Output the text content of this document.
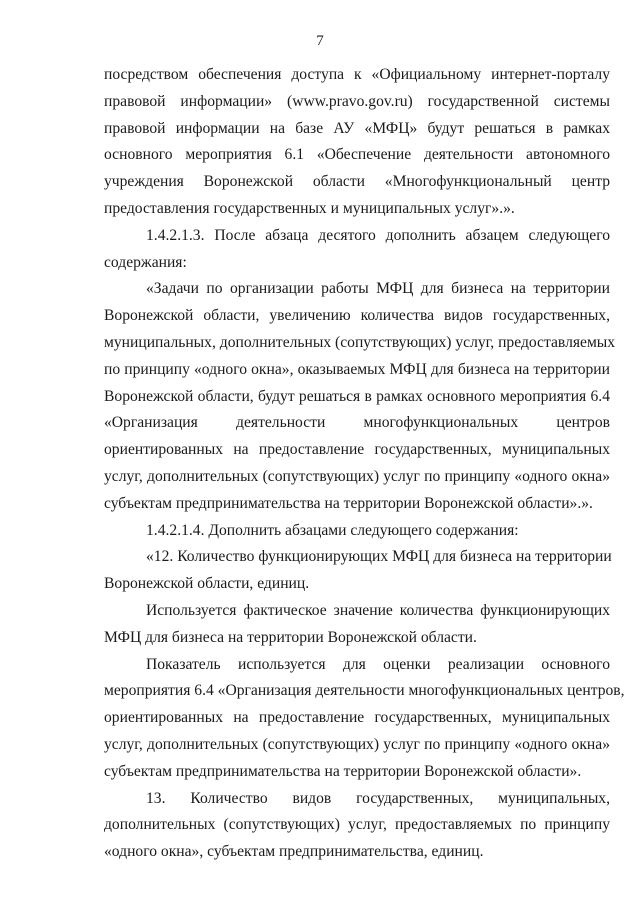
7

посредством обеспечения доступа к «Официальному интернет-порталу
правовой информации» (www.pravo.gov.ru) государственной системы
правовой информации на базе АУ «МФЦ» будут решаться в рамках
основного мероприятия 6.1 «Обеспечение деятельности автономного
учреждения Воронежской области «Многофункциональный центр
предоставления государственных и муниципальных услуг».».

1.4.2.1.3. После абзаца десятого дополнить абзацем следующего
содержания:

«Задачи по организации работы МФЦ для бизнеса на территории
Воронежской области, увеличению количества видов государственных,
муниципальных, дополнительных (сопутствующих) услуг, предоставляемых
по принципу «одного окна», оказываемых МФЦ для бизнеса на территории
Воронежской области, будут решаться в рамках основного мероприятия 6.4
«Организация деятельности многофункциональных центров
ориентированных на предоставление государственных, муниципальных
услуг, дополнительных (сопутствующих) услуг по принципу «одного окна»
субъектам предпринимательства на территории Воронежской области».».

1.4.2.1.4. Дополнить абзацами следующего содержания:

«12. Количество функционирующих МФЦ для бизнеса на территории
Воронежской области, единиц.

Используется фактическое значение количества функционирующих
МФЦ для бизнеса на территории Воронежской области.

Показатель используется для оценки реализации основного
мероприятия 6.4 «Организация деятельности многофункциональных центров,
ориентированных на предоставление государственных, муниципальных
услуг, дополнительных (сопутствующих) услуг по принципу «одного окна»
субъектам предпринимательства на территории Воронежской области».

13. Количество видов государственных, муниципальных,
дополнительных (сопутствующих) услуг, предоставляемых по принципу
«одного окна», субъектам предпринимательства, единиц.
